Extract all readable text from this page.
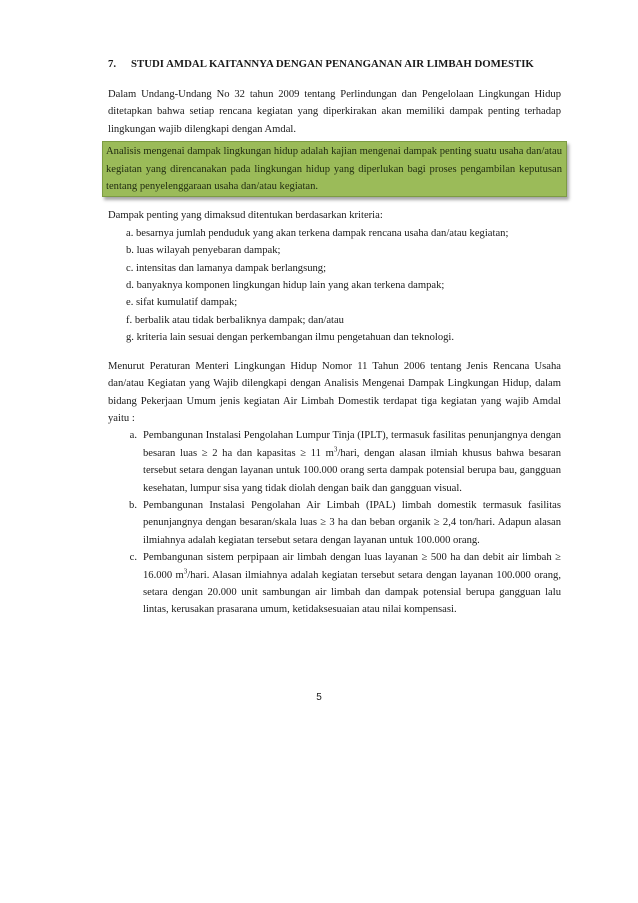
7.	STUDI AMDAL KAITANNYA DENGAN PENANGANAN AIR LIMBAH DOMESTIK

Dalam Undang-Undang No 32 tahun 2009 tentang Perlindungan dan Pengelolaan Lingkungan Hidup ditetapkan bahwa setiap rencana kegiatan yang diperkirakan akan memiliki dampak penting terhadap lingkungan wajib dilengkapi dengan Amdal.

Analisis mengenai dampak lingkungan hidup adalah kajian mengenai dampak penting suatu usaha dan/atau kegiatan yang direncanakan pada lingkungan hidup yang diperlukan bagi proses pengambilan keputusan tentang penyelenggaraan usaha dan/atau kegiatan.

Dampak penting yang dimaksud ditentukan berdasarkan kriteria:

a. besarnya jumlah penduduk yang akan terkena dampak rencana usaha dan/atau kegiatan;
b. luas wilayah penyebaran dampak;
c. intensitas dan lamanya dampak berlangsung;
d. banyaknya komponen lingkungan hidup lain yang akan terkena dampak;
e. sifat kumulatif dampak;
f. berbalik atau tidak berbaliknya dampak; dan/atau
g. kriteria lain sesuai dengan perkembangan ilmu pengetahuan dan teknologi.

Menurut Peraturan Menteri Lingkungan Hidup Nomor 11 Tahun 2006 tentang Jenis Rencana Usaha dan/atau Kegiatan yang Wajib dilengkapi dengan Analisis Mengenai Dampak Lingkungan Hidup, dalam bidang Pekerjaan Umum jenis kegiatan Air Limbah Domestik terdapat tiga kegiatan yang wajib Amdal yaitu :

a. Pembangunan Instalasi Pengolahan Lumpur Tinja (IPLT), termasuk fasilitas penunjangnya dengan besaran luas ≥ 2 ha dan kapasitas ≥ 11 $m^3$/hari, dengan alasan ilmiah khusus bahwa besaran tersebut setara dengan layanan untuk 100.000 orang serta dampak potensial berupa bau, gangguan kesehatan, lumpur sisa yang tidak diolah dengan baik dan gangguan visual.
b. Pembangunan Instalasi Pengolahan Air Limbah (IPAL) limbah domestik termasuk fasilitas penunjangnya dengan besaran/skala luas ≥ 3 ha dan beban organik ≥ 2,4 ton/hari. Adapun alasan ilmiahnya adalah kegiatan tersebut setara dengan layanan untuk 100.000 orang.
c. Pembangunan sistem perpipaan air limbah dengan luas layanan ≥ 500 ha dan debit air limbah ≥ 16.000 $m^3$/hari. Alasan ilmiahnya adalah kegiatan tersebut setara dengan layanan 100.000 orang, setara dengan 20.000 unit sambungan air limbah dan dampak potensial berupa gangguan lalu lintas, kerusakan prasarana umum, ketidaksesuaian atau nilai kompensasi.
5
